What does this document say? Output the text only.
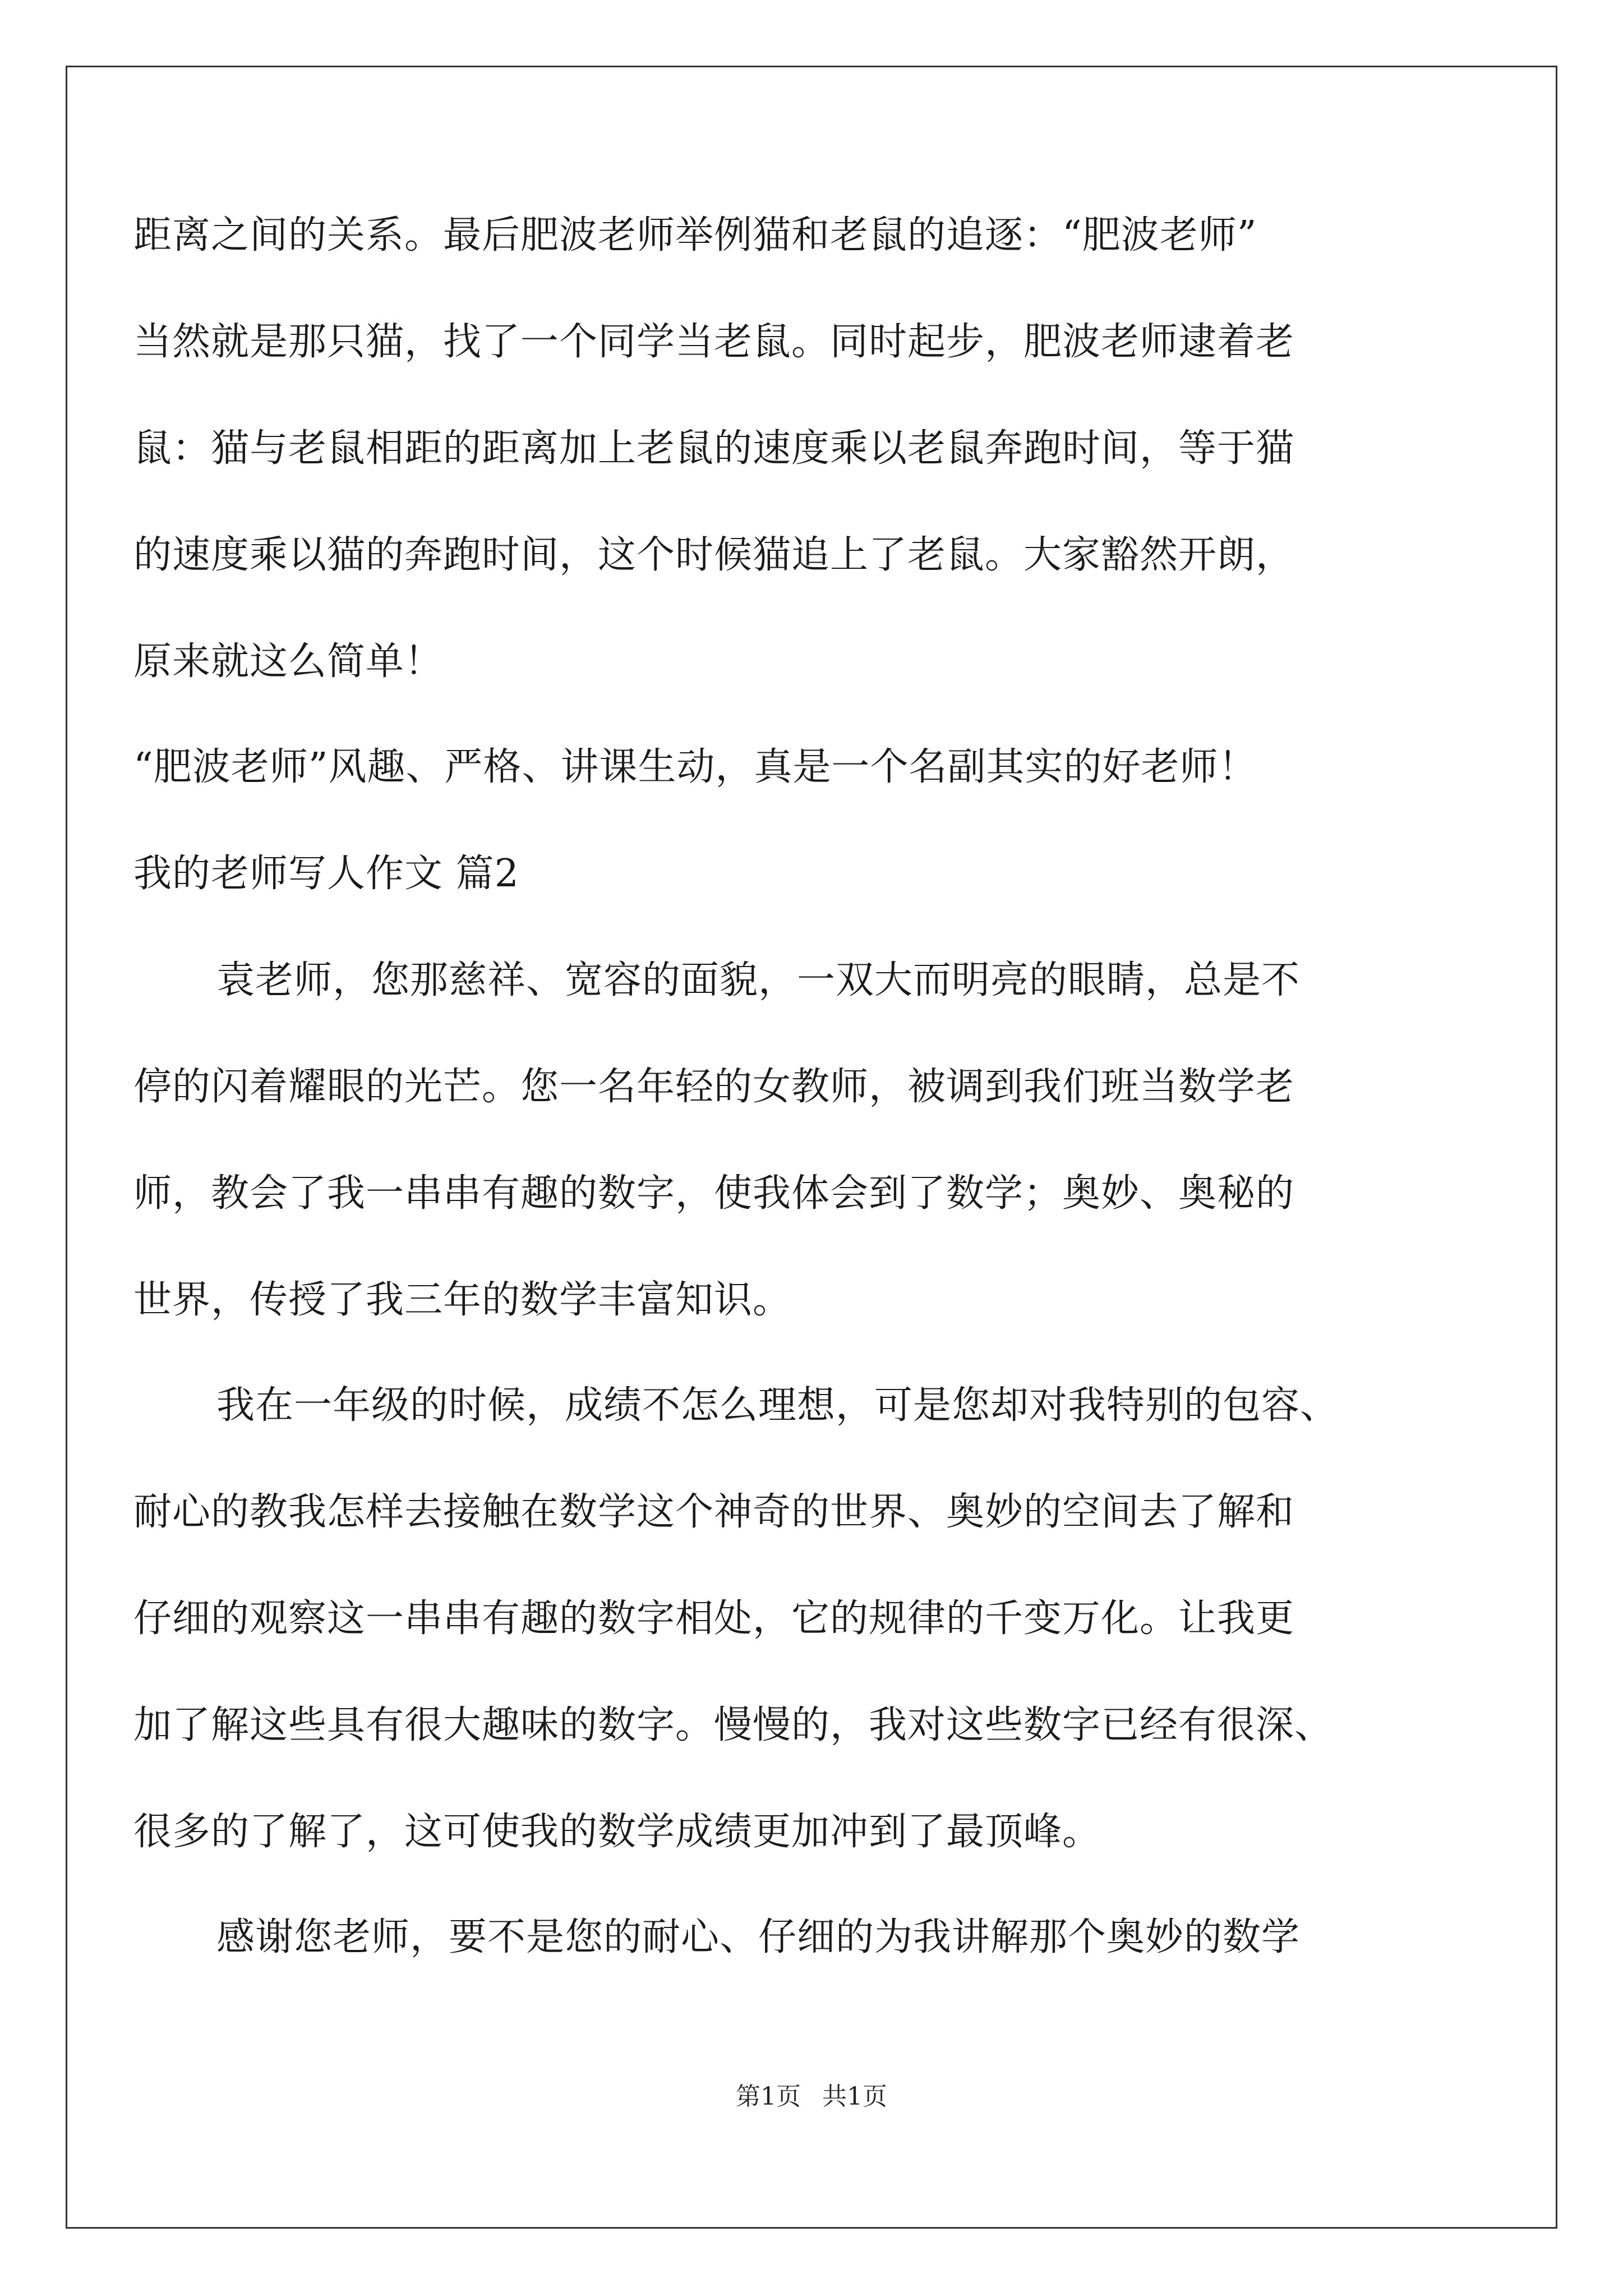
距离之间的关系。最后肥波老师举例猫和老鼠的追逐：“肥波老师”
当然就是那只猫，找了一个同学当老鼠。同时起步，肥波老师逮着老
鼠：猫与老鼠相距的距离加上老鼠的速度乘以老鼠奔跑时间，等于猫
的速度乘以猫的奔跑时间，这个时候猫追上了老鼠。大家豁然开朗，
原来就这么简单！
“肥波老师”风趣、严格、讲课生动，真是一个名副其实的好老师！
我的老师写人作文 篇2
袁老师，您那慈祥、宽容的面貌，一双大而明亮的眼睛，总是不
停的闪着耀眼的光芒。您一名年轻的女教师，被调到我们班当数学老
师，教会了我一串串有趣的数字，使我体会到了数学；奥妙、奥秘的
世界，传授了我三年的数学丰富知识。
我在一年级的时候，成绩不怎么理想，可是您却对我特别的包容、
耐心的教我怎样去接触在数学这个神奇的世界、奥妙的空间去了解和
仔细的观察这一串串有趣的数字相处，它的规律的千变万化。让我更
加了解这些具有很大趣味的数字。慢慢的，我对这些数字已经有很深、
很多的了解了，这可使我的数学成绩更加冲到了最顶峰。
感谢您老师，要不是您的耐心、仔细的为我讲解那个奥妙的数学
第1页 共1页
